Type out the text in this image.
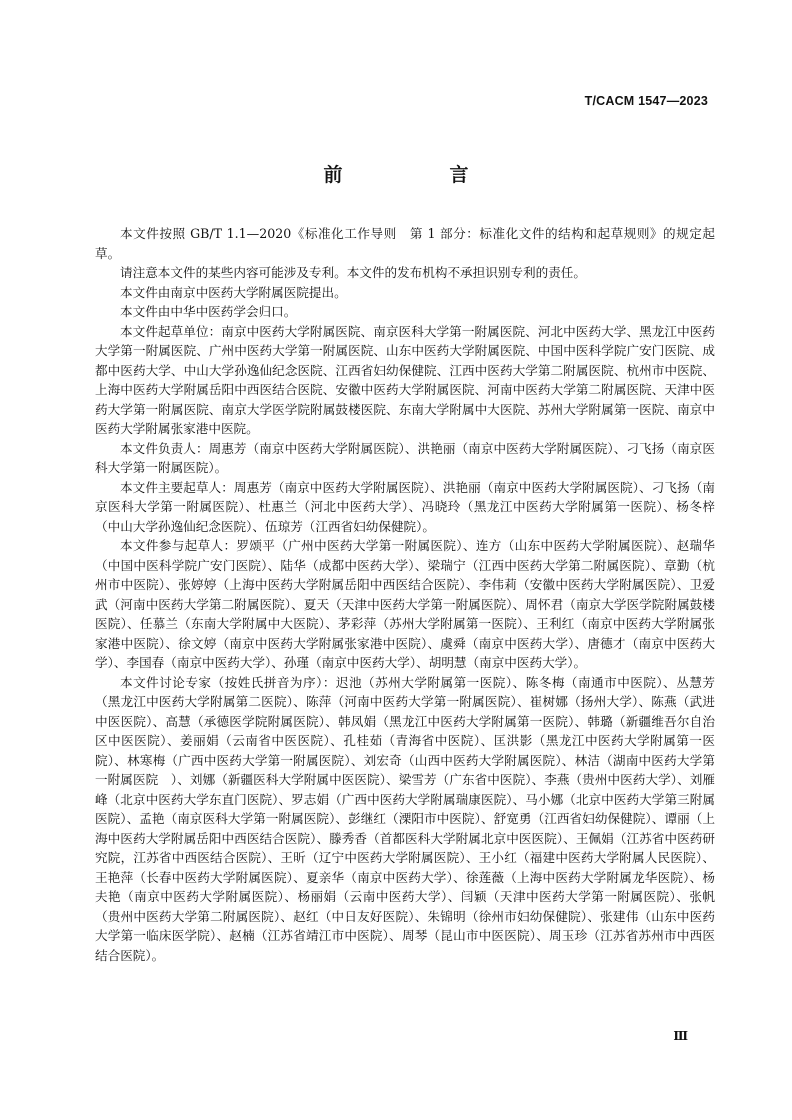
T/CACM 1547—2023
前　言

本文件按照 GB/T 1.1—2020《标准化工作导则　第 1 部分：标准化文件的结构和起草规则》的规定起草。

请注意本文件的某些内容可能涉及专利。本文件的发布机构不承担识别专利的责任。

本文件由南京中医药大学附属医院提出。

本文件由中华中医药学会归口。

本文件起草单位：南京中医药大学附属医院、南京医科大学第一附属医院、河北中医药大学、黑龙江中医药大学第一附属医院、广州中医药大学第一附属医院、山东中医药大学附属医院、中国中医科学院广安门医院、成都中医药大学、中山大学孙逸仙纪念医院、江西省妇幼保健院、江西中医药大学第二附属医院、杭州市中医院、上海中医药大学附属岳阳中西医结合医院、安徽中医药大学附属医院、河南中医药大学第二附属医院、天津中医药大学第一附属医院、南京大学医学院附属鼓楼医院、东南大学附属中大医院、苏州大学附属第一医院、南京中医药大学附属张家港中医院。

本文件负责人：周惠芳（南京中医药大学附属医院）、洪艳丽（南京中医药大学附属医院）、刁飞扬（南京医科大学第一附属医院）。

本文件主要起草人：周惠芳（南京中医药大学附属医院）、洪艳丽（南京中医药大学附属医院）、刁飞扬（南京医科大学第一附属医院）、杜惠兰（河北中医药大学）、冯晓玲（黑龙江中医药大学附属第一医院）、杨冬梓（中山大学孙逸仙纪念医院）、伍琼芳（江西省妇幼保健院）。

本文件参与起草人：罗颂平（广州中医药大学第一附属医院）、连方（山东中医药大学附属医院）、赵瑞华（中国中医科学院广安门医院）、陆华（成都中医药大学）、梁瑞宁（江西中医药大学第二附属医院）、章勤（杭州市中医院）、张婷婷（上海中医药大学附属岳阳中西医结合医院）、李伟莉（安徽中医药大学附属医院）、卫爱武（河南中医药大学第二附属医院）、夏天（天津中医药大学第一附属医院）、周怀君（南京大学医学院附属鼓楼医院）、任慕兰（东南大学附属中大医院）、茅彩萍（苏州大学附属第一医院）、王利红（南京中医药大学附属张家港中医院）、徐文婷（南京中医药大学附属张家港中医院）、虞舜（南京中医药大学）、唐德才（南京中医药大学）、李国春（南京中医药大学）、孙瑾（南京中医药大学）、胡明慧（南京中医药大学）。

本文件讨论专家（按姓氏拼音为序）：迟池（苏州大学附属第一医院）、陈冬梅（南通市中医院）、丛慧芳（黑龙江中医药大学附属第二医院）、陈萍（河南中医药大学第一附属医院）、崔树娜（扬州大学）、陈燕（武进中医医院）、高慧（承德医学院附属医院）、韩凤娟（黑龙江中医药大学附属第一医院）、韩璐（新疆维吾尔自治区中医医院）、姜丽娟（云南省中医医院）、孔桂茹（青海省中医院）、匡洪影（黑龙江中医药大学附属第一医院）、林寒梅（广西中医药大学第一附属医院）、刘宏奇（山西中医药大学附属医院）、林洁（湖南中医药大学第一附属医院　）、刘娜（新疆医科大学附属中医医院）、梁雪芳（广东省中医院）、李燕（贵州中医药大学）、刘雁峰（北京中医药大学东直门医院）、罗志娟（广西中医药大学附属瑞康医院）、马小娜（北京中医药大学第三附属医院）、孟艳（南京医科大学第一附属医院）、彭继红（溧阳市中医院）、舒宽勇（江西省妇幼保健院）、谭丽（上海中医药大学附属岳阳中西医结合医院）、滕秀香（首都医科大学附属北京中医医院）、王佩娟（江苏省中医药研究院，江苏省中西医结合医院）、王昕（辽宁中医药大学附属医院）、王小红（福建中医药大学附属人民医院）、王艳萍（长春中医药大学附属医院）、夏亲华（南京中医药大学）、徐莲薇（上海中医药大学附属龙华医院）、杨夫艳（南京中医药大学附属医院）、杨丽娟（云南中医药大学）、闫颖（天津中医药大学第一附属医院）、张帆（贵州中医药大学第二附属医院）、赵红（中日友好医院）、朱锦明（徐州市妇幼保健院）、张建伟（山东中医药大学第一临床医学院）、赵楠（江苏省靖江市中医院）、周琴（昆山市中医医院）、周玉珍（江苏省苏州市中西医结合医院）。

Ⅲ
